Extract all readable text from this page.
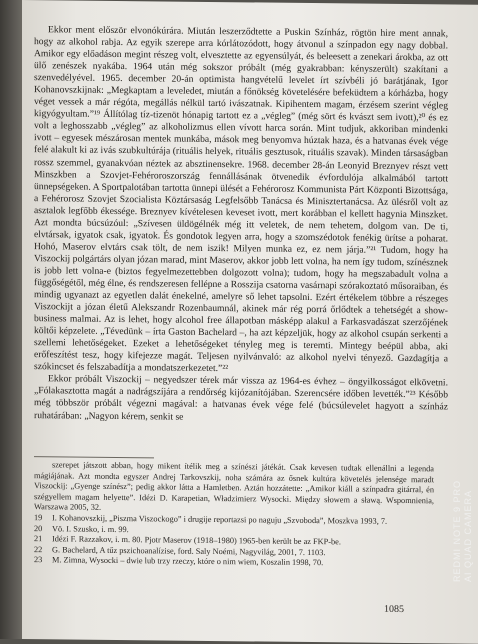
Ekkor ment először elvonókúrára. Miután leszerződtette a Puskin Színház, rögtön hire ment annak, hogy az alkohol rabja. Az egyik szerepe arra kórlátozódott, hogy átvonul a színpadon egy nagy dobbal. Amikor egy előadáson megint részeg volt, elvesztette az egyensúlyát, és beleesett a zenekari árokba, az ott ülő zenészek nyakába. 1964 után még sokszor próbált (még gyakrabban: kényszerült) szakítani a szenvedélyével. 1965. december 20-án optimista hangvételű levelet írt szívbéli jó barátjának, Igor Kohanovszkijnak: „Megkaptam a leveledet, miután a főnökség követelésére befeküdtem a kórházba, hogy véget vessek a már régóta, megállás nélkül tartó ivászatnak. Kipihentem magam, érzésem szerint végleg kigyógyultam.”¹⁹ Állítólag tíz-tizenöt hónapig tartott ez a „végleg” (még sört és kvászt sem ivott),²⁰ és ez volt a leghosszabb „végleg” az alkoholizmus ellen vívott harca során. Mint tudjuk, akkoriban mindenki ivott – egyesek mészárosan mentek munkába, mások meg benyomva húztak haza, és a hatvanas évek vége felé alakult ki az ivás szubkultúrája (rituális helyek, rituális gesztusok, rituális szavak). Minden társaságban rossz szemmel, gyanakvóan néztek az absztinensekre. 1968. december 28-án Leonyid Breznyev részt vett Minszkben a Szovjet-Fehéroroszország fennállásának ötvenedik évfordulója alkalmából tartott ünnepségeken. A Sportpalotában tartotta ünnepi ülését a Fehérorosz Kommunista Párt Központi Bizottsága, a Fehérorosz Szovjet Szocialista Köztársaság Legfelsőbb Tanácsa és Minisztertanácsa. Az ülésről volt az asztalok legfőbb ékessége. Breznyev kívételesen keveset ivott, mert korábban el kellett hagynia Minszket. Azt mondta búcsúzóul: „Szívesen üldögélnék még itt veletek, de nem tehetem, dolgom van. De ti, elvtársak, igyatok csak, igyatok. És gondotok legyen arra, hogy a szomszédotok fenékig ürítse a poharat. Hohó, Maserov elvtárs csak tölt, de nem iszik! Milyen munka ez, ez nem járja.”²¹ Tudom, hogy ha Viszockij polgártárs olyan józan marad, mint Maserov, akkor jobb lett volna, ha nem így tudom, színésznek is jobb lett volna-e (biztos fegyelmezettebben dolgozott volna); tudom, hogy ha megszabadult volna a függőségétől, még élne, és rendszeresen fellépne a Rosszija csatorna vasárnapi szórakoztató műsoraiban, és mindig ugyanazt az egyetlen dalát énekelné, amelyre ső lehet tapsolni. Ezért értékelem többre a részeges Viszockijt a józan életű Alekszandr Rozenbaumnál, akinek már rég porrá őrlődtek a tehetségét a show-business malmai. Az is lehet, hogy alcohol free állapotban másképp alakul a Farkasvadászat szerzőjének költői képzelete. „Tévedünk – írta Gaston Bachelard –, ha azt képzeljük, hogy az alkohol csupán serkenti a szellemi lehetőségeket. Ezeket a lehetőségeket tényleg meg is teremti. Mintegy beépül abba, aki erőfeszítést tesz, hogy kifejezze magát. Teljesen nyilvánvaló: az alkohol nyelvi tényező. Gazdagítja a szókincset és felszabadítja a mondatszerkezetet.”²²

Ekkor próbált Viszockij – negyedszer térek már vissza az 1964-es évhez – öngyilkosságot elkövetni. „Fólakasztotta magát a nadrágszíjára a rendőrség kijózanítójában. Szerencsére időben levették.”²³ Később még többször próbált végezni magával: a hatvanas évek vége felé (búcsúlevelet hagyott a színház ruhatárában: „Nagyon kérem, senkit se

szerepet játszott abban, hogy mikent ítélik meg a színészi játékát. Csak kevesen tudtak ellenállni a legenda mágiájának. Azt mondta egyszer Andrej Tarkovszkij, noha számára az ősnek kultúra követelés jelensége maradt Viszockij: „Gyenge színész”; pedig akkor látta a Hamletben. Aztán hozzátette: „Amikor kiáll a színpadra gitárral, én szégyellem magam helyette”. Idézi D. Karapetian, Władzimierz Wysocki. Między słowem a sławą. Wspomnienia, Warszawa 2005, 32.

19 I. Kohanovszkij, „Piszma Viszockogo” i drugije reportazsi po naguju „Szvoboda”, Moszkva 1993, 7.

20 Vö. I. Szusko, i. m. 99.

21 Idézi F. Razzakov, i. m. 80. Pjotr Maserov (1918–1980) 1965-ben került be az FKP-be.

22 G. Bachelard, A tűz pszichoanalízise, ford. Saly Noémi, Nagyvilág, 2001, 7. 1103.

23 M. Zimna, Wysocki – dwie lub trzy rzeczy, które o nim wiem, Koszalin 1998, 70.

1085
REDMI NOTE 9 PRO AI QUAD CAMERA
